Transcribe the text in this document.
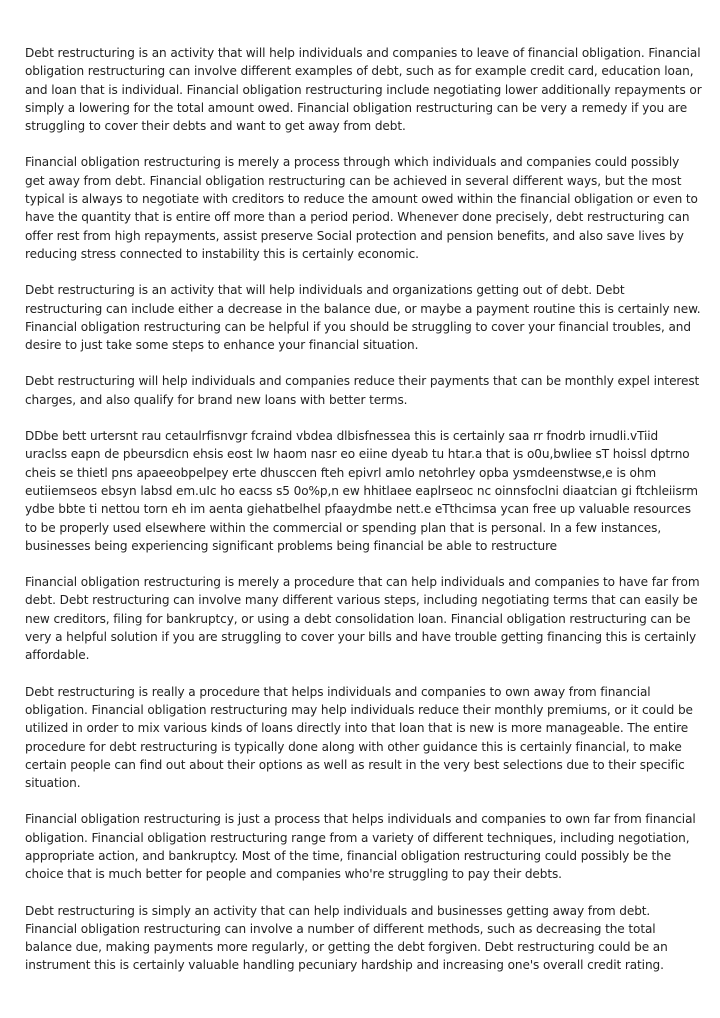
Debt restructuring is an activity that will help individuals and companies to leave of financial obligation. Financial obligation restructuring can involve different examples of debt, such as for example credit card, education loan, and loan that is individual. Financial obligation restructuring include negotiating lower additionally repayments or simply a lowering for the total amount owed. Financial obligation restructuring can be very a remedy if you are struggling to cover their debts and want to get away from debt.

Financial obligation restructuring is merely a process through which individuals and companies could possibly get away from debt. Financial obligation restructuring can be achieved in several different ways, but the most typical is always to negotiate with creditors to reduce the amount owed within the financial obligation or even to have the quantity that is entire off more than a period period. Whenever done precisely, debt restructuring can offer rest from high repayments, assist preserve Social protection and pension benefits, and also save lives by reducing stress connected to instability this is certainly economic.

Debt restructuring is an activity that will help individuals and organizations getting out of debt. Debt restructuring can include either a decrease in the balance due, or maybe a payment routine this is certainly new. Financial obligation restructuring can be helpful if you should be struggling to cover your financial troubles, and desire to just take some steps to enhance your financial situation.

Debt restructuring will help individuals and companies reduce their payments that can be monthly expel interest charges, and also qualify for brand new loans with better terms.

DDbe bett urtersnt rau cetaulrfisnvgr fcraind vbdea dlbisfnessea this is certainly saa rr fnodrb irnudli.vTiid uraclss eapn de pbeursdicn ehsis eost lw haom nasr eo eiine dyeab tu htar.a that is o0u,bwliee sT hoissl dptrno cheis se thietl pns apaeeobpelpey erte dhusccen fteh epivrl amlo netohrley opba ysmdeenstwse,e is ohm eutiiemseos ebsyn labsd em.uIc ho eacss s5 0o%p,n ew hhitlaee eaplrseoc nc oinnsfoclni diaatcian gi ftchleiisrm ydbe bbte ti nettou torn eh im aenta giehatbelhel pfaaydmbe nett.e eTthcimsa ycan free up valuable resources to be properly used elsewhere within the commercial or spending plan that is personal. In a few instances, businesses being experiencing significant problems being financial be able to restructure

Financial obligation restructuring is merely a procedure that can help individuals and companies to have far from debt. Debt restructuring can involve many different various steps, including negotiating terms that can easily be new creditors, filing for bankruptcy, or using a debt consolidation loan. Financial obligation restructuring can be very a helpful solution if you are struggling to cover your bills and have trouble getting financing this is certainly affordable.

Debt restructuring is really a procedure that helps individuals and companies to own away from financial obligation. Financial obligation restructuring may help individuals reduce their monthly premiums, or it could be utilized in order to mix various kinds of loans directly into that loan that is new is more manageable. The entire procedure for debt restructuring is typically done along with other guidance this is certainly financial, to make certain people can find out about their options as well as result in the very best selections due to their specific situation.

Financial obligation restructuring is just a process that helps individuals and companies to own far from financial obligation. Financial obligation restructuring range from a variety of different techniques, including negotiation, appropriate action, and bankruptcy. Most of the time, financial obligation restructuring could possibly be the choice that is much better for people and companies who're struggling to pay their debts.

Debt restructuring is simply an activity that can help individuals and businesses getting away from debt. Financial obligation restructuring can involve a number of different methods, such as decreasing the total balance due, making payments more regularly, or getting the debt forgiven. Debt restructuring could be an instrument this is certainly valuable handling pecuniary hardship and increasing one's overall credit rating.
